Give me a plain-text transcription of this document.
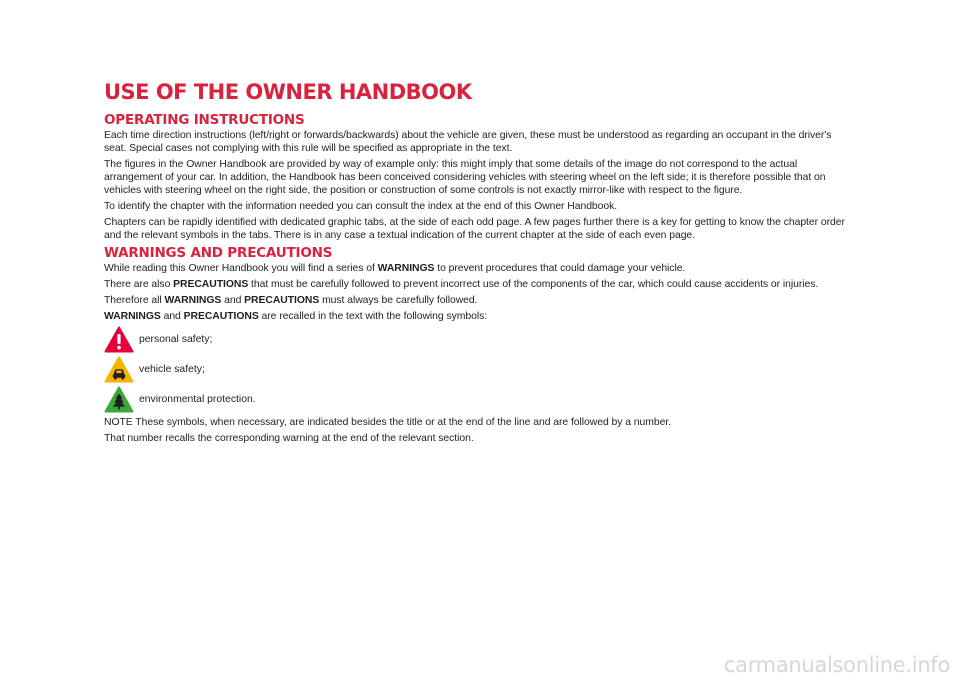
USE OF THE OWNER HANDBOOK
OPERATING INSTRUCTIONS

Each time direction instructions (left/right or forwards/backwards) about the vehicle are given, these must be understood as regarding an occupant in the driver's seat. Special cases not complying with this rule will be specified as appropriate in the text.

The figures in the Owner Handbook are provided by way of example only: this might imply that some details of the image do not correspond to the actual arrangement of your car. In addition, the Handbook has been conceived considering vehicles with steering wheel on the left side; it is therefore possible that on vehicles with steering wheel on the right side, the position or construction of some controls is not exactly mirror-like with respect to the figure.

To identify the chapter with the information needed you can consult the index at the end of this Owner Handbook.

Chapters can be rapidly identified with dedicated graphic tabs, at the side of each odd page. A few pages further there is a key for getting to know the chapter order and the relevant symbols in the tabs. There is in any case a textual indication of the current chapter at the side of each even page.

WARNINGS AND PRECAUTIONS

While reading this Owner Handbook you will find a series of WARNINGS to prevent procedures that could damage your vehicle.

There are also PRECAUTIONS that must be carefully followed to prevent incorrect use of the components of the car, which could cause accidents or injuries.

Therefore all WARNINGS and PRECAUTIONS must always be carefully followed.

WARNINGS and PRECAUTIONS are recalled in the text with the following symbols:

personal safety;
vehicle safety;
environmental protection.

NOTE These symbols, when necessary, are indicated besides the title or at the end of the line and are followed by a number.

That number recalls the corresponding warning at the end of the relevant section.

carmanualsonline.info
